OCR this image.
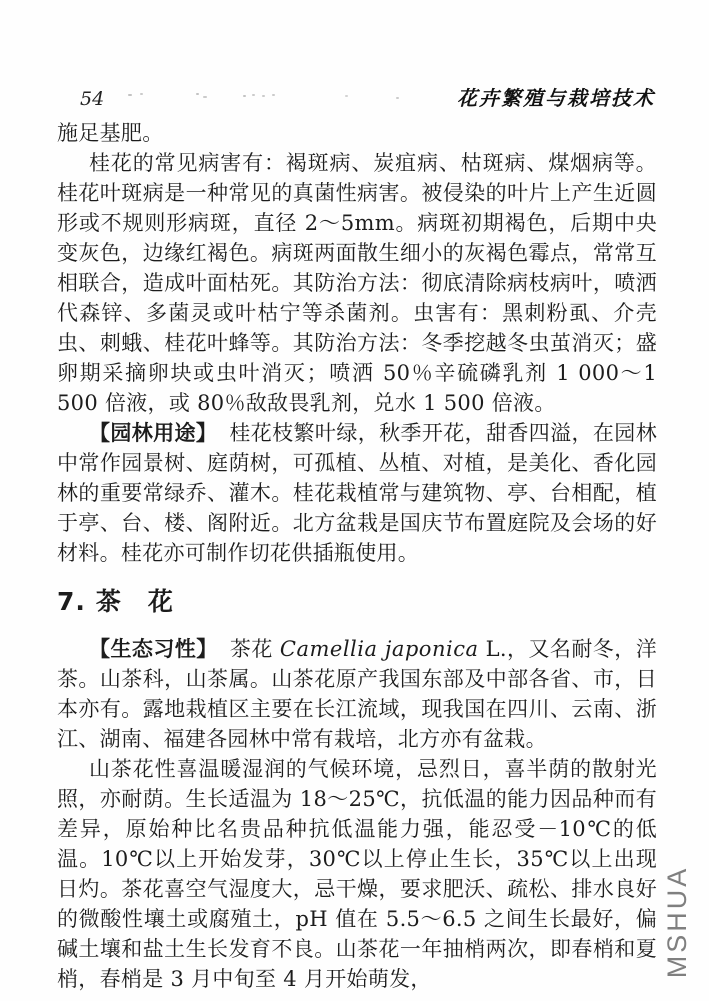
54	花卉繁殖与栽培技术

施足基肥。

桂花的常见病害有：褐斑病、炭疽病、枯斑病、煤烟病等。桂花叶斑病是一种常见的真菌性病害。被侵染的叶片上产生近圆形或不规则形病斑，直径 2～5mm。病斑初期褐色，后期中央变灰色，边缘红褐色。病斑两面散生细小的灰褐色霉点，常常互相联合，造成叶面枯死。其防治方法：彻底清除病枝病叶，喷洒代森锌、多菌灵或叶枯宁等杀菌剂。虫害有：黑刺粉虱、介壳虫、刺蛾、桂花叶蜂等。其防治方法：冬季挖越冬虫茧消灭；盛卵期采摘卵块或虫叶消灭；喷洒 50％辛硫磷乳剂 1 000～1 500 倍液，或 80％敌敌畏乳剂，兑水 1 500 倍液。

【园林用途】 桂花枝繁叶绿，秋季开花，甜香四溢，在园林中常作园景树、庭荫树，可孤植、丛植、对植，是美化、香化园林的重要常绿乔、灌木。桂花栽植常与建筑物、亭、台相配，植于亭、台、楼、阁附近。北方盆栽是国庆节布置庭院及会场的好材料。桂花亦可制作切花供插瓶使用。

7. 茶　花

【生态习性】 茶花 Camellia japonica L.，又名耐冬，洋茶。山茶科，山茶属。山茶花原产我国东部及中部各省、市，日本亦有。露地栽植区主要在长江流域，现我国在四川、云南、浙江、湖南、福建各园林中常有栽培，北方亦有盆栽。

山茶花性喜温暖湿润的气候环境，忌烈日，喜半荫的散射光照，亦耐荫。生长适温为 18～25℃，抗低温的能力因品种而有差异，原始种比名贵品种抗低温能力强，能忍受－10℃的低温。10℃以上开始发芽，30℃以上停止生长，35℃以上出现日灼。茶花喜空气湿度大，忌干燥，要求肥沃、疏松、排水良好的微酸性壤土或腐殖土，pH 值在 5.5～6.5 之间生长最好，偏碱土壤和盐土生长发育不良。山茶花一年抽梢两次，即春梢和夏梢，春梢是 3 月中旬至 4 月开始萌发，

MSHUA
